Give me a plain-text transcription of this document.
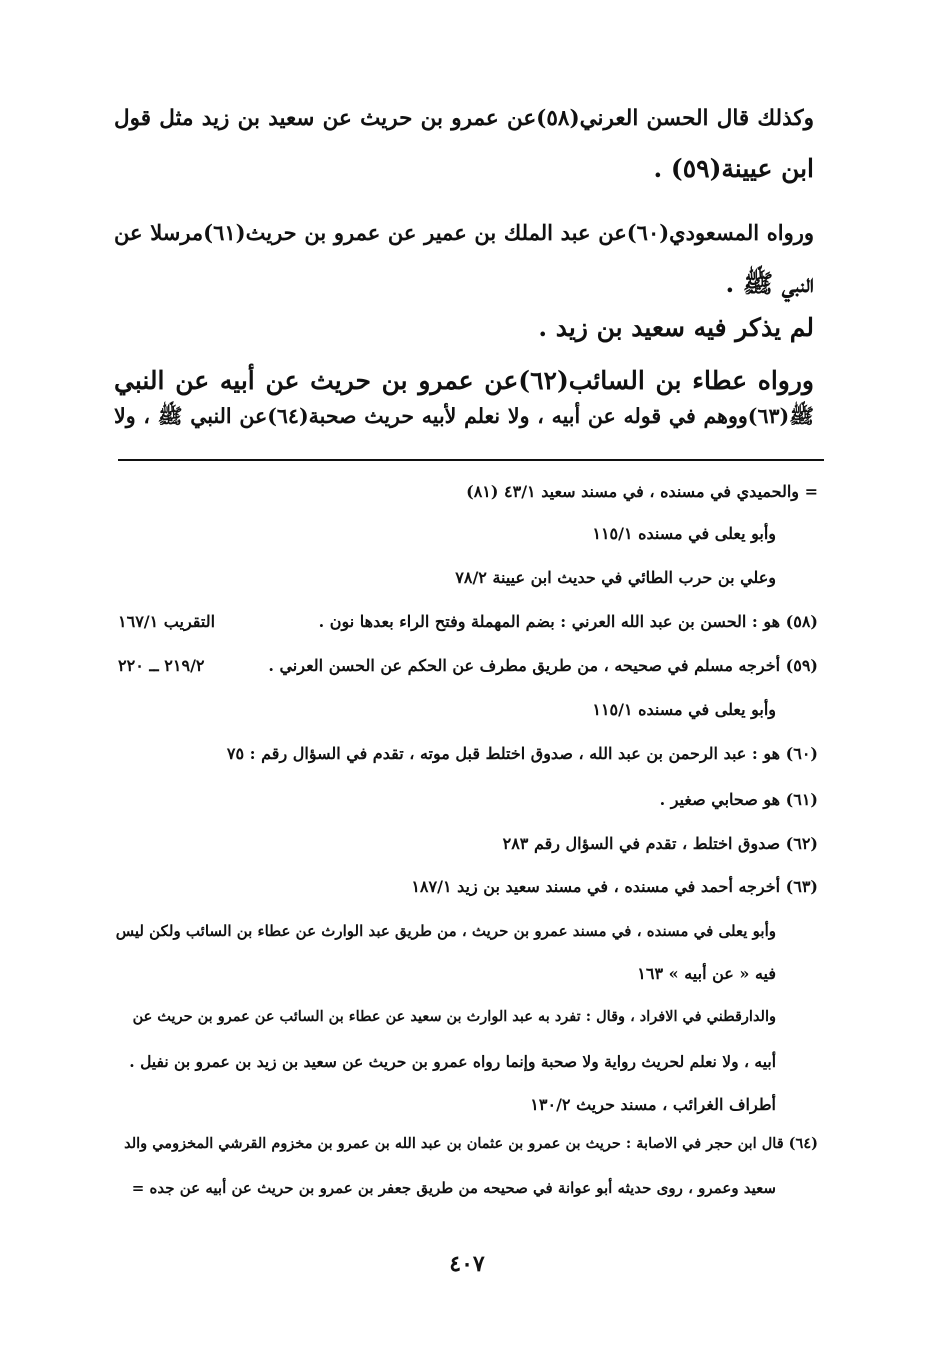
وكذلك قال الحسن العرني(٥٨)عن عمرو بن حريث عن سعيد بن زيد مثل قول
ابن عيينة(٥٩) .
ورواه المسعودي(٦٠)عن عبد الملك بن عمير عن عمرو بن حريث(٦١)مرسلا عن
النبي ﷺ .
لم يذكر فيه سعيد بن زيد .
ورواه عطاء بن السائب(٦٢)عن عمرو بن حريث عن أبيه عن النبي
ﷺ(٦٣)ووهم في قوله عن أبيه ، ولا نعلم لأبيه حريث صحبة(٦٤)عن النبي ﷺ ، ولا
= والحميدي في مسنده ، في مسند سعيد ٤٣/١ (٨١)
وأبو يعلى في مسنده ١١٥/١
وعلي بن حرب الطائي في حديث ابن عيينة ٧٨/٢
(٥٨) هو : الحسن بن عبد الله العرني : بضم المهملة وفتح الراء بعدها نون .
التقريب ١٦٧/١
(٥٩) أخرجه مسلم في صحيحه ، من طريق مطرف عن الحكم عن الحسن العرني .
٢١٩/٢ ــ ٢٢٠
وأبو يعلى في مسنده ١١٥/١
(٦٠) هو : عبد الرحمن بن عبد الله ، صدوق اختلط قبل موته ، تقدم في السؤال رقم : ٧٥
(٦١) هو صحابي صغير .
(٦٢) صدوق اختلط ، تقدم في السؤال رقم ٢٨٣
(٦٣) أخرجه أحمد في مسنده ، في مسند سعيد بن زيد ١٨٧/١
وأبو يعلى في مسنده ، في مسند عمرو بن حريث ، من طريق عبد الوارث عن عطاء بن السائب ولكن ليس
فيه « عن أبيه » ١٦٣
والدارقطني في الافراد ، وقال : تفرد به عبد الوارث بن سعيد عن عطاء بن السائب عن عمرو بن حريث عن
أبيه ، ولا نعلم لحريث رواية ولا صحبة وإنما رواه عمرو بن حريث عن سعيد بن زيد بن عمرو بن نفيل .
أطراف الغرائب ، مسند حريث ١٣٠/٢
(٦٤) قال ابن حجر في الاصابة : حريث بن عمرو بن عثمان بن عبد الله بن عمرو بن مخزوم القرشي المخزومي والد
سعيد وعمرو ، روى حديثه أبو عوانة في صحيحه من طريق جعفر بن عمرو بن حريث عن أبيه عن جده =
٤٠٧
